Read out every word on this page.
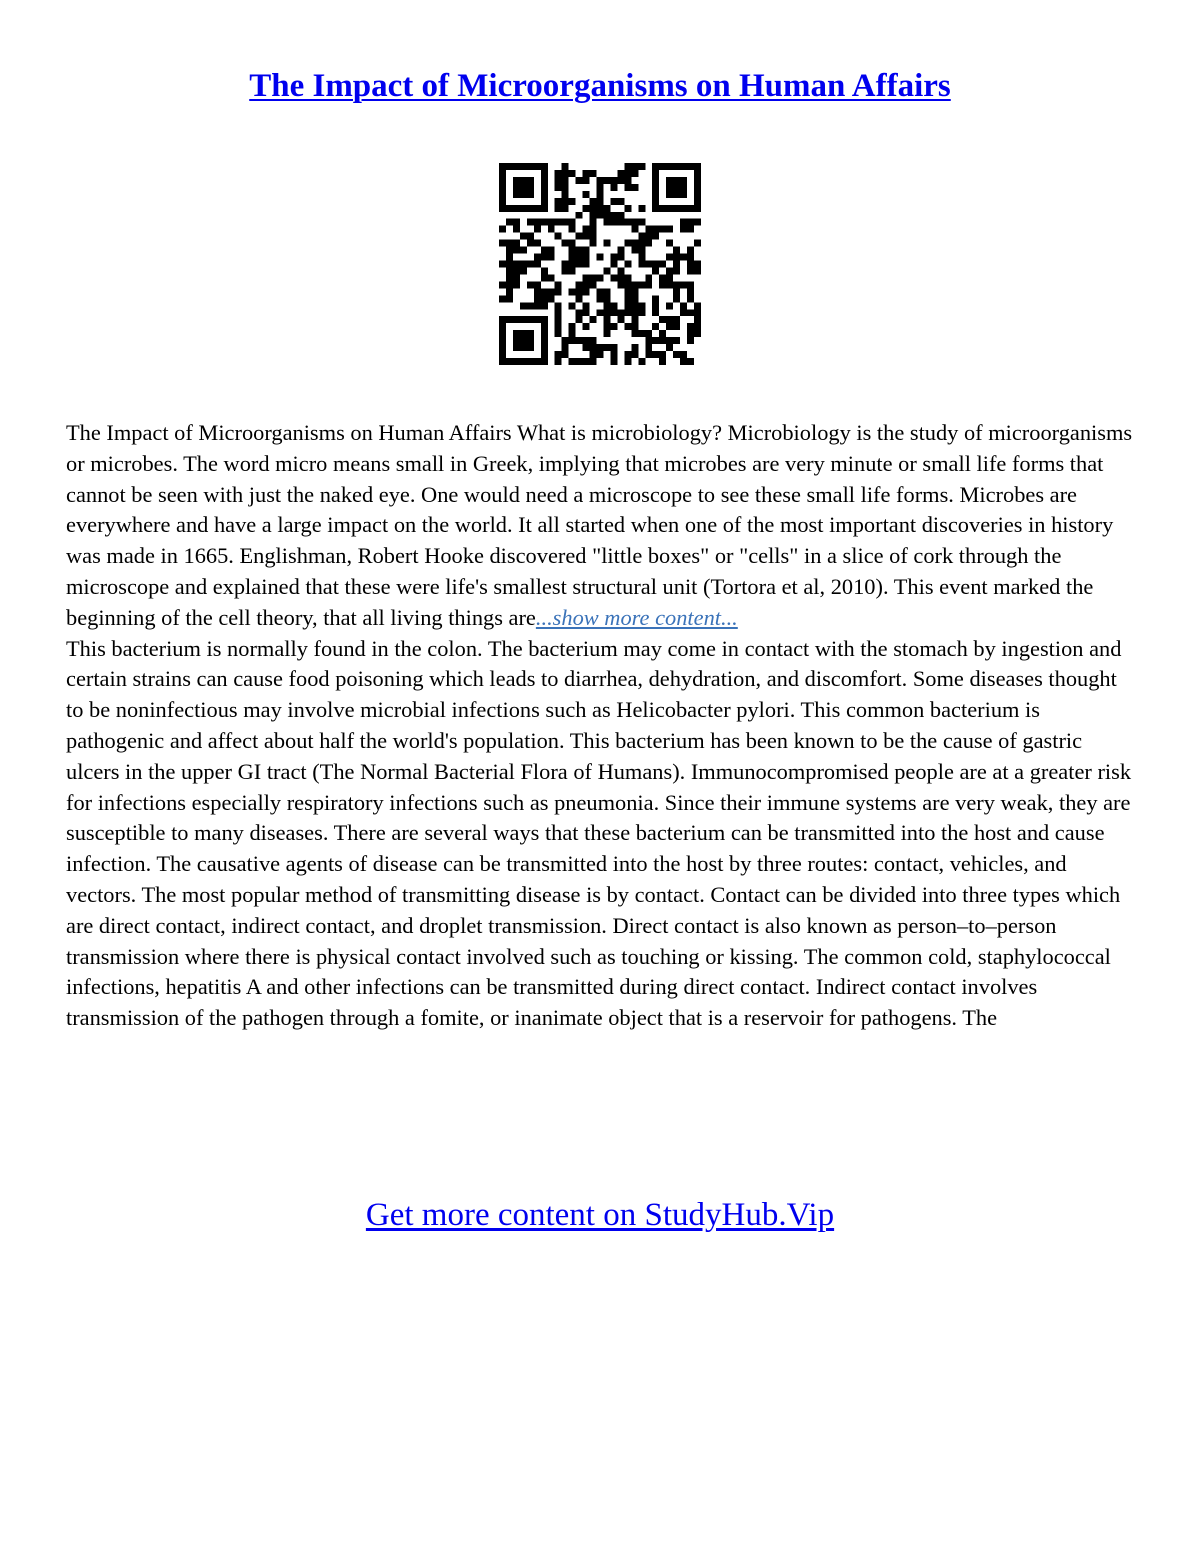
The Impact of Microorganisms on Human Affairs

The Impact of Microorganisms on Human Affairs What is microbiology? Microbiology is the study of microorganisms or microbes. The word micro means small in Greek, implying that microbes are very minute or small life forms that cannot be seen with just the naked eye. One would need a microscope to see these small life forms. Microbes are everywhere and have a large impact on the world. It all started when one of the most important discoveries in history was made in 1665. Englishman, Robert Hooke discovered "little boxes" or "cells" in a slice of cork through the microscope and explained that these were life's smallest structural unit (Tortora et al, 2010). This event marked the beginning of the cell theory, that all living things are...show more content...
This bacterium is normally found in the colon. The bacterium may come in contact with the stomach by ingestion and certain strains can cause food poisoning which leads to diarrhea, dehydration, and discomfort. Some diseases thought to be noninfectious may involve microbial infections such as Helicobacter pylori. This common bacterium is pathogenic and affect about half the world's population. This bacterium has been known to be the cause of gastric ulcers in the upper GI tract (The Normal Bacterial Flora of Humans). Immunocompromised people are at a greater risk for infections especially respiratory infections such as pneumonia. Since their immune systems are very weak, they are susceptible to many diseases. There are several ways that these bacterium can be transmitted into the host and cause infection. The causative agents of disease can be transmitted into the host by three routes: contact, vehicles, and vectors. The most popular method of transmitting disease is by contact. Contact can be divided into three types which are direct contact, indirect contact, and droplet transmission. Direct contact is also known as person–to–person transmission where there is physical contact involved such as touching or kissing. The common cold, staphylococcal infections, hepatitis A and other infections can be transmitted during direct contact. Indirect contact involves transmission of the pathogen through a fomite, or inanimate object that is a reservoir for pathogens. The

Get more content on StudyHub.Vip
